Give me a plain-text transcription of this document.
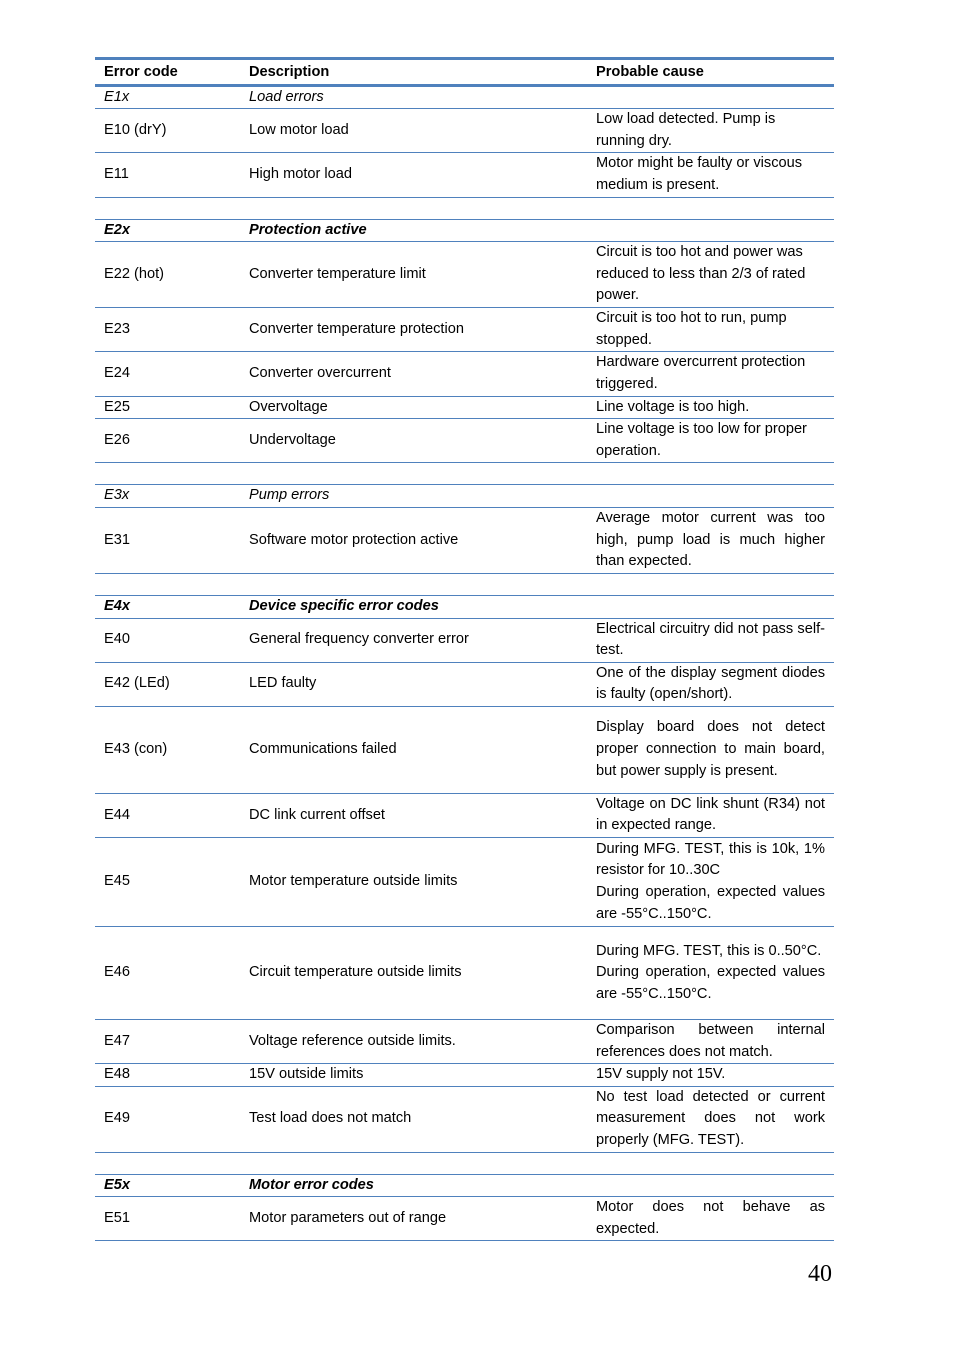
Error code	Description	Probable cause
E1x	Load errors	
E10 (drY)	Low motor load	Low load detected. Pump is running dry.

E11	High motor load	Motor might be faulty or viscous medium is present.

E2x	Protection active	
E22 (hot)	Converter temperature limit	Circuit is too hot and power was reduced to less than 2/3 of rated power.

E23	Converter temperature protection	Circuit is too hot to run, pump stopped.

E24	Converter overcurrent	Hardware overcurrent protection triggered.

E25	Overvoltage	Line voltage is too high.

E26	Undervoltage	Line voltage is too low for proper operation.

E3x	Pump errors	
E31	Software motor protection active	Average motor current was too high, pump load is much higher than expected.

E4x	Device specific error codes	
E40	General frequency converter error	Electrical circuitry did not pass self-test.

E42 (LEd)	LED faulty	One of the display segment diodes is faulty (open/short).

E43 (con)	Communications failed	Display board does not detect proper connection to main board, but power supply is present.

E44	DC link current offset	Voltage on DC link shunt (R34) not in expected range.

E45	Motor temperature outside limits	During MFG. TEST, this is 10k, 1% resistor for 10..30C
During operation, expected values are -55°C..150°C.

E46	Circuit temperature outside limits	During MFG. TEST, this is 0..50°C.
During operation, expected values are -55°C..150°C.

E47	Voltage reference outside limits.	Comparison between internal references does not match.

E48	15V outside limits	15V supply not 15V.

E49	Test load does not match	No test load detected or current measurement does not work properly (MFG. TEST).

E5x	Motor error codes	
E51	Motor parameters out of range	Motor does not behave as expected.
40
